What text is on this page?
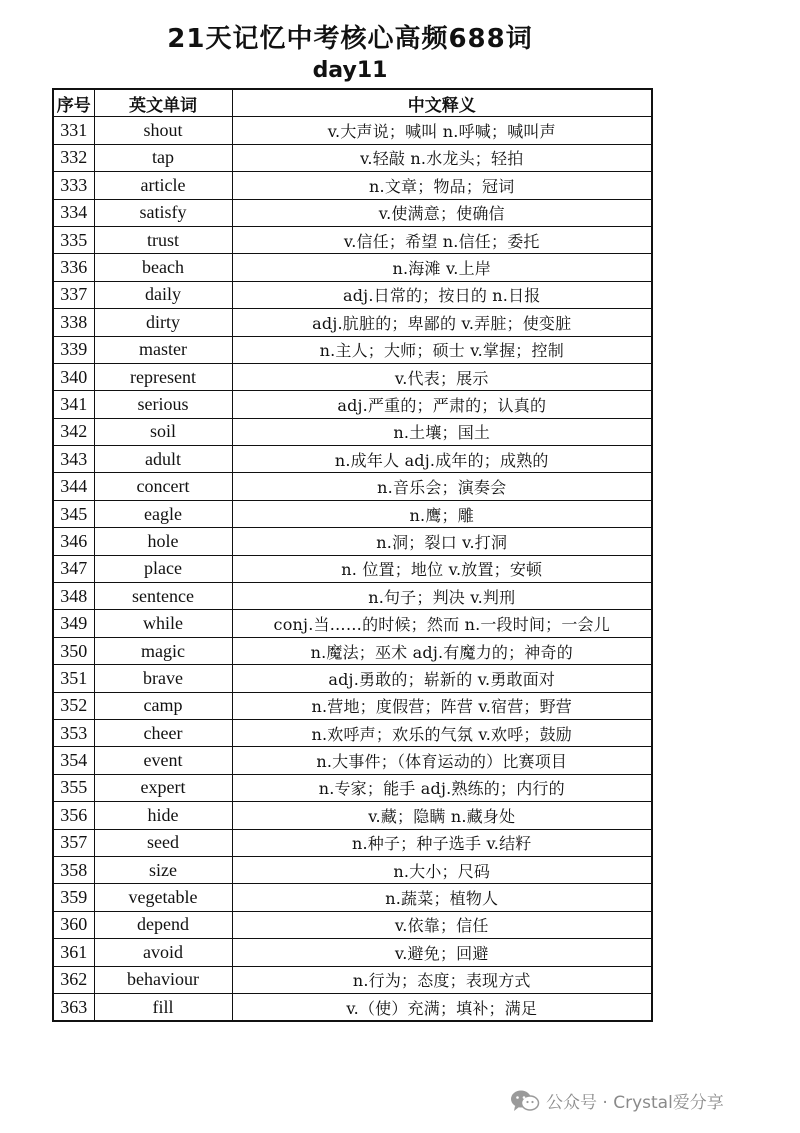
21天记忆中考核心高频688词
day11
序号	英文单词	中文释义
331	shout	v.大声说；喊叫 n.呼喊；喊叫声
332	tap	v.轻敲 n.水龙头；轻拍
333	article	n.文章；物品；冠词
334	satisfy	v.使满意；使确信
335	trust	v.信任；希望 n.信任；委托
336	beach	n.海滩 v.上岸
337	daily	adj.日常的；按日的 n.日报
338	dirty	adj.肮脏的；卑鄙的 v.弄脏；使变脏
339	master	n.主人；大师；硕士 v.掌握；控制
340	represent	v.代表；展示
341	serious	adj.严重的；严肃的；认真的
342	soil	n.土壤；国土
343	adult	n.成年人 adj.成年的；成熟的
344	concert	n.音乐会；演奏会
345	eagle	n.鹰；雕
346	hole	n.洞；裂口 v.打洞
347	place	n. 位置；地位 v.放置；安顿
348	sentence	n.句子；判决 v.判刑
349	while	conj.当……的时候；然而 n.一段时间；一会儿
350	magic	n.魔法；巫术 adj.有魔力的；神奇的
351	brave	adj.勇敢的；崭新的 v.勇敢面对
352	camp	n.营地；度假营；阵营 v.宿营；野营
353	cheer	n.欢呼声；欢乐的气氛 v.欢呼；鼓励
354	event	n.大事件；（体育运动的）比赛项目
355	expert	n.专家；能手 adj.熟练的；内行的
356	hide	v.藏；隐瞒 n.藏身处
357	seed	n.种子；种子选手 v.结籽
358	size	n.大小；尺码
359	vegetable	n.蔬菜；植物人
360	depend	v.依靠；信任
361	avoid	v.避免；回避
362	behaviour	n.行为；态度；表现方式
363	fill	v.（使）充满；填补；满足
公众号 · Crystal爱分享
